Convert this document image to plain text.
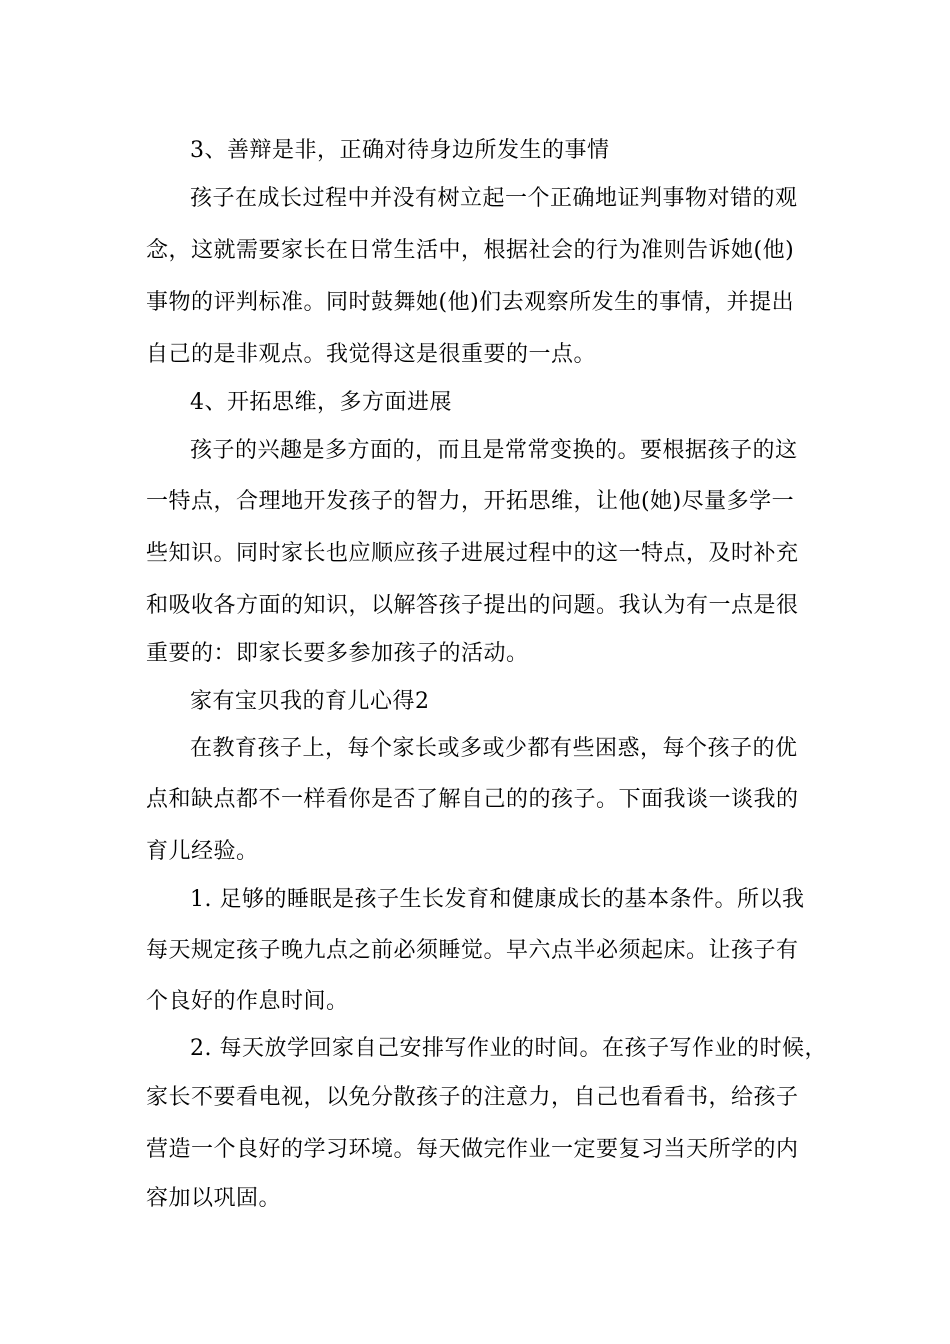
3、善辩是非，正确对待身边所发生的事情
孩子在成长过程中并没有树立起一个正确地证判事物对错的观
念，这就需要家长在日常生活中，根据社会的行为准则告诉她(他)
事物的评判标准。同时鼓舞她(他)们去观察所发生的事情，并提出
自己的是非观点。我觉得这是很重要的一点。
4、开拓思维，多方面进展
孩子的兴趣是多方面的，而且是常常变换的。要根据孩子的这
一特点，合理地开发孩子的智力，开拓思维，让他(她)尽量多学一
些知识。同时家长也应顺应孩子进展过程中的这一特点，及时补充
和吸收各方面的知识，以解答孩子提出的问题。我认为有一点是很
重要的：即家长要多参加孩子的活动。
家有宝贝我的育儿心得2
在教育孩子上，每个家长或多或少都有些困惑，每个孩子的优
点和缺点都不一样看你是否了解自己的的孩子。下面我谈一谈我的
育儿经验。
1. 足够的睡眠是孩子生长发育和健康成长的基本条件。所以我
每天规定孩子晚九点之前必须睡觉。早六点半必须起床。让孩子有
个良好的作息时间。
2. 每天放学回家自己安排写作业的时间。在孩子写作业的时候，
家长不要看电视，以免分散孩子的注意力，自己也看看书，给孩子
营造一个良好的学习环境。每天做完作业一定要复习当天所学的内
容加以巩固。
